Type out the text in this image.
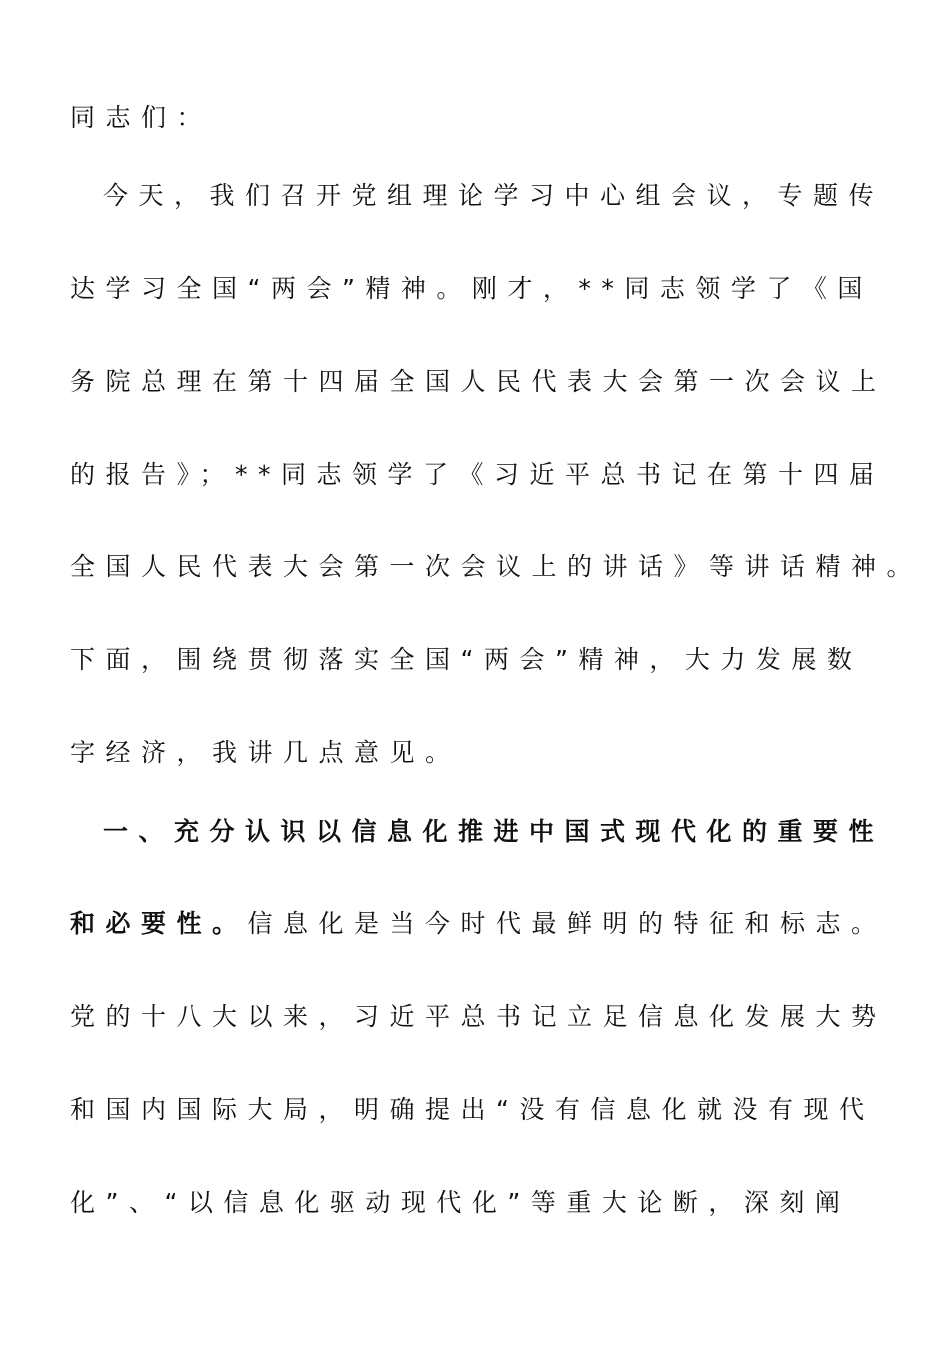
同志们：
今天，我们召开党组理论学习中心组会议，专题传
达学习全国“两会”精神。刚才，**同志领学了《国
务院总理在第十四届全国人民代表大会第一次会议上
的报告》；**同志领学了《习近平总书记在第十四届
全国人民代表大会第一次会议上的讲话》等讲话精神。
下面，围绕贯彻落实全国“两会”精神，大力发展数
字经济，我讲几点意见。
一、充分认识以信息化推进中国式现代化的重要性
和必要性。信息化是当今时代最鲜明的特征和标志。
党的十八大以来，习近平总书记立足信息化发展大势
和国内国际大局，明确提出“没有信息化就没有现代
化”、“以信息化驱动现代化”等重大论断，深刻阐
